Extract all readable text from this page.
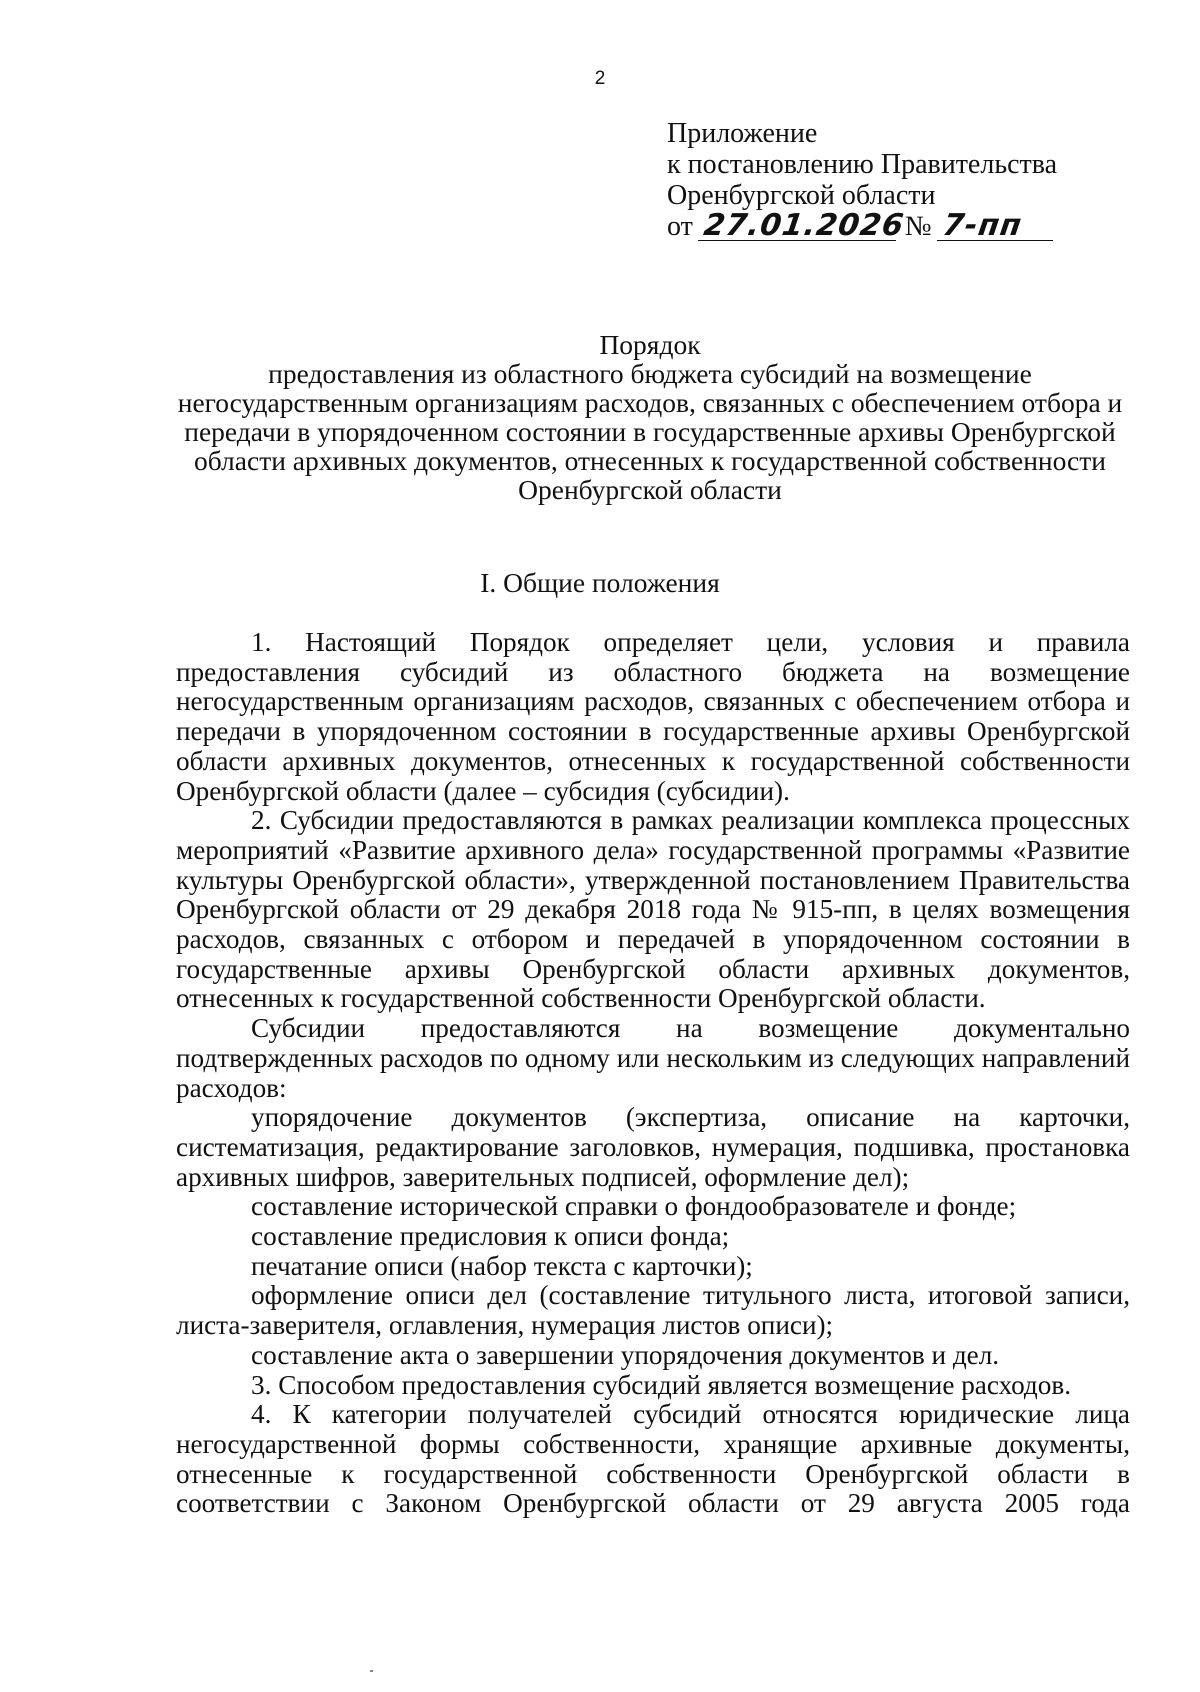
2
Приложение
к постановлению Правительства
Оренбургской области
от 27.01.2026 № 7-пп
Порядок
предоставления из областного бюджета субсидий на возмещение негосударственным организациям расходов, связанных с обеспечением отбора и передачи в упорядоченном состоянии в государственные архивы Оренбургской области архивных документов, отнесенных к государственной собственности Оренбургской области
I. Общие положения

1. Настоящий Порядок определяет цели, условия и правила предоставления субсидий из областного бюджета на возмещение негосударственным организациям расходов, связанных с обеспечением отбора и передачи в упорядоченном состоянии в государственные архивы Оренбургской области архивных документов, отнесенных к государственной собственности Оренбургской области (далее – субсидия (субсидии).

2. Субсидии предоставляются в рамках реализации комплекса процессных мероприятий «Развитие архивного дела» государственной программы «Развитие культуры Оренбургской области», утвержденной постановлением Правительства Оренбургской области от 29 декабря 2018 года № 915-пп, в целях возмещения расходов, связанных с отбором и передачей в упорядоченном состоянии в государственные архивы Оренбургской области архивных документов, отнесенных к государственной собственности Оренбургской области.

Субсидии предоставляются на возмещение документально подтвержденных расходов по одному или нескольким из следующих направлений расходов:

упорядочение документов (экспертиза, описание на карточки, систематизация, редактирование заголовков, нумерация, подшивка, простановка архивных шифров, заверительных подписей, оформление дел);

составление исторической справки о фондообразователе и фонде;

составление предисловия к описи фонда;

печатание описи (набор текста с карточки);

оформление описи дел (составление титульного листа, итоговой записи, листа-заверителя, оглавления, нумерация листов описи);

составление акта о завершении упорядочения документов и дел.

3. Способом предоставления субсидий является возмещение расходов.

4. К категории получателей субсидий относятся юридические лица негосударственной формы собственности, хранящие архивные документы, отнесенные к государственной собственности Оренбургской области в соответствии с Законом Оренбургской области от 29 августа 2005 года
